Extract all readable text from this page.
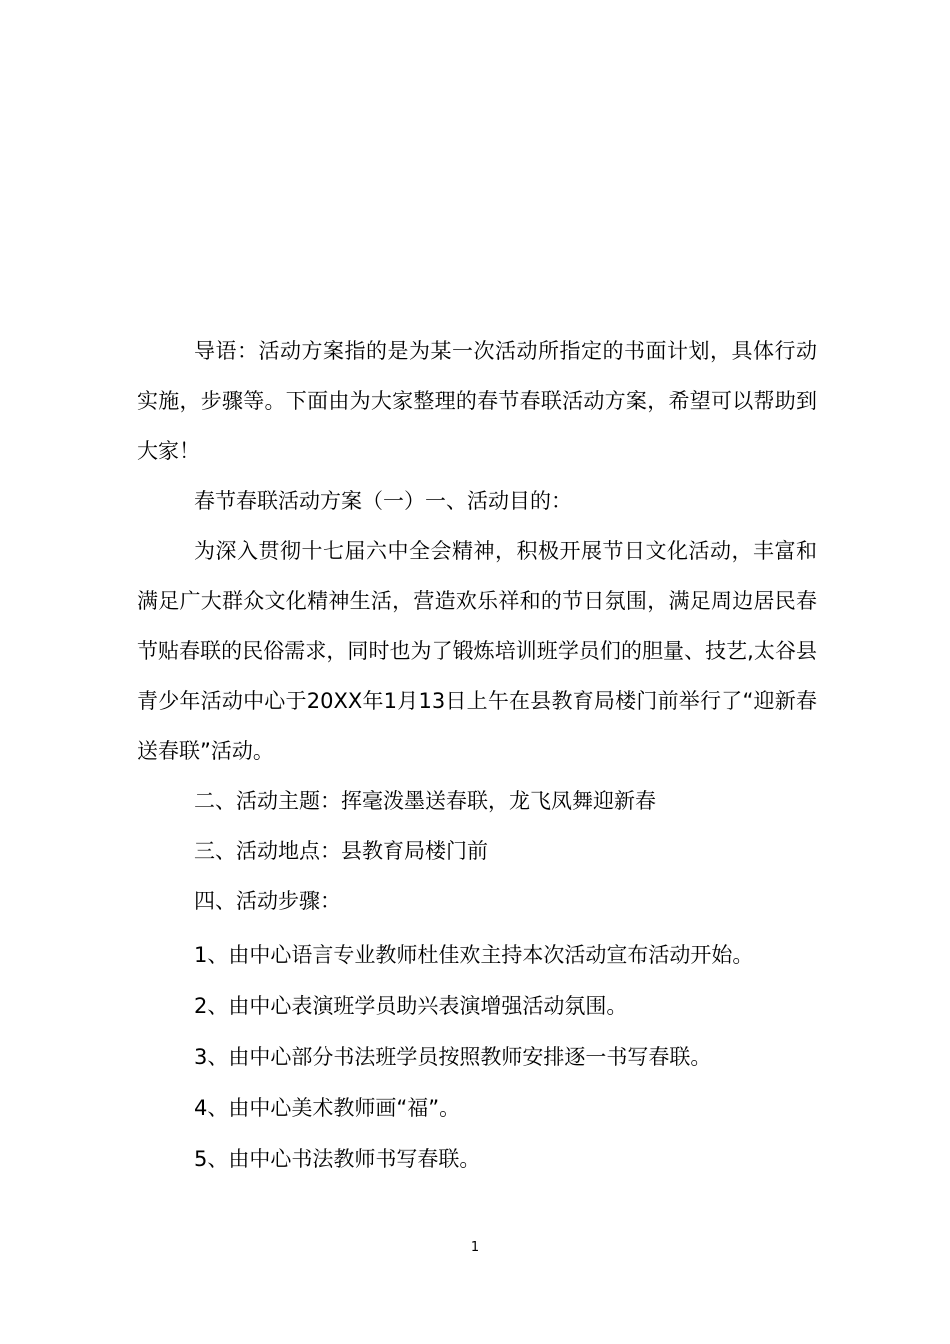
导语：活动方案指的是为某一次活动所指定的书面计划，具体行动实施，步骤等。下面由为大家整理的春节春联活动方案，希望可以帮助到大家！

春节春联活动方案（一）一、活动目的：

为深入贯彻十七届六中全会精神，积极开展节日文化活动，丰富和满足广大群众文化精神生活，营造欢乐祥和的节日氛围，满足周边居民春节贴春联的民俗需求，同时也为了锻炼培训班学员们的胆量、技艺,太谷县青少年活动中心于20XX年1月13日上午在县教育局楼门前举行了“迎新春送春联”活动。

二、活动主题：挥毫泼墨送春联，龙飞凤舞迎新春

三、活动地点：县教育局楼门前

四、活动步骤：

1、由中心语言专业教师杜佳欢主持本次活动宣布活动开始。

2、由中心表演班学员助兴表演增强活动氛围。

3、由中心部分书法班学员按照教师安排逐一书写春联。

4、由中心美术教师画“福”。

5、由中心书法教师书写春联。

1
